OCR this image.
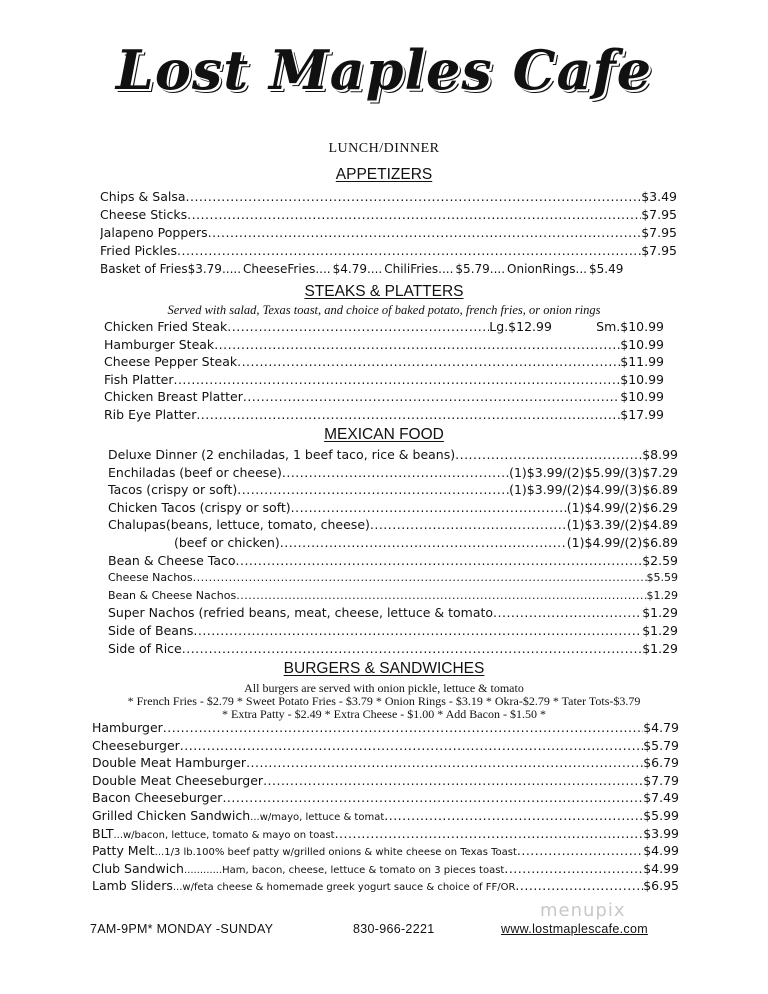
Lost Maples Cafe
LUNCH/DINNER
APPETIZERS
Chips & Salsa .....	$3.49
Cheese Sticks .....	$7.95
Jalapeno Poppers .....	$7.95
Fried Pickles .....	$7.95
Basket of Fries$3.79 ..... CheeseFries .... $4.79 .... ChiliFries .... $5.79 .... OnionRings ... $5.49
STEAKS & PLATTERS
Served with salad, Texas toast, and choice of baked potato, french fries, or onion rings
Chicken Fried Steak .....	Lg.$12.99	Sm.$10.99
Hamburger Steak .....	$10.99
Cheese Pepper Steak .....	$11.99
Fish Platter .....	$10.99
Chicken Breast Platter .....	$10.99
Rib Eye Platter .....	$17.99
MEXICAN FOOD
Deluxe Dinner (2 enchiladas, 1 beef taco, rice & beans) .....	$8.99
Enchiladas (beef or cheese) .....	(1)$3.99/(2)$5.99/(3)$7.29
Tacos (crispy or soft) .....	(1)$3.99/(2)$4.99/(3)$6.89
Chicken Tacos (crispy or soft) .....	(1)$4.99/(2)$6.29
Chalupas(beans, lettuce, tomato, cheese) .....	(1)$3.39/(2)$4.89
(beef or chicken) .....	(1)$4.99/(2)$6.89
Bean & Cheese Taco .....	$2.59
Cheese Nachos .....	$5.59
Bean & Cheese Nachos .....	$1.29
Super Nachos (refried beans, meat, cheese, lettuce & tomato .....	$1.29
Side of Beans .....	$1.29
Side of Rice .....	$1.29
BURGERS & SANDWICHES
All burgers are served with onion pickle, lettuce & tomato
* French Fries - $2.79 * Sweet Potato Fries - $3.79 * Onion Rings - $3.19 * Okra-$2.79 * Tater Tots-$3.79
* Extra Patty - $2.49 * Extra Cheese - $1.00 * Add Bacon - $1.50 *
Hamburger .....	$4.79
Cheeseburger .....	$5.79
Double Meat Hamburger .....	$6.79
Double Meat Cheeseburger .....	$7.79
Bacon Cheeseburger .....	$7.49
Grilled Chicken Sandwich ...w/mayo, lettuce & tomat .....	$5.99
BLT ...w/bacon, lettuce, tomato & mayo on toast .....	$3.99
Patty Melt ...1/3 lb.100% beef patty w/grilled onions & white cheese on Texas Toast .....	$4.99
Club Sandwich ............Ham, bacon, cheese, lettuce & tomato on 3 pieces toast .....	$4.99
Lamb Sliders ...w/feta cheese & homemade greek yogurt sauce & choice of FF/OR .....	$6.95
7AM-9PM* MONDAY -SUNDAY	830-966-2221	www.lostmaplescafe.com
menupix
